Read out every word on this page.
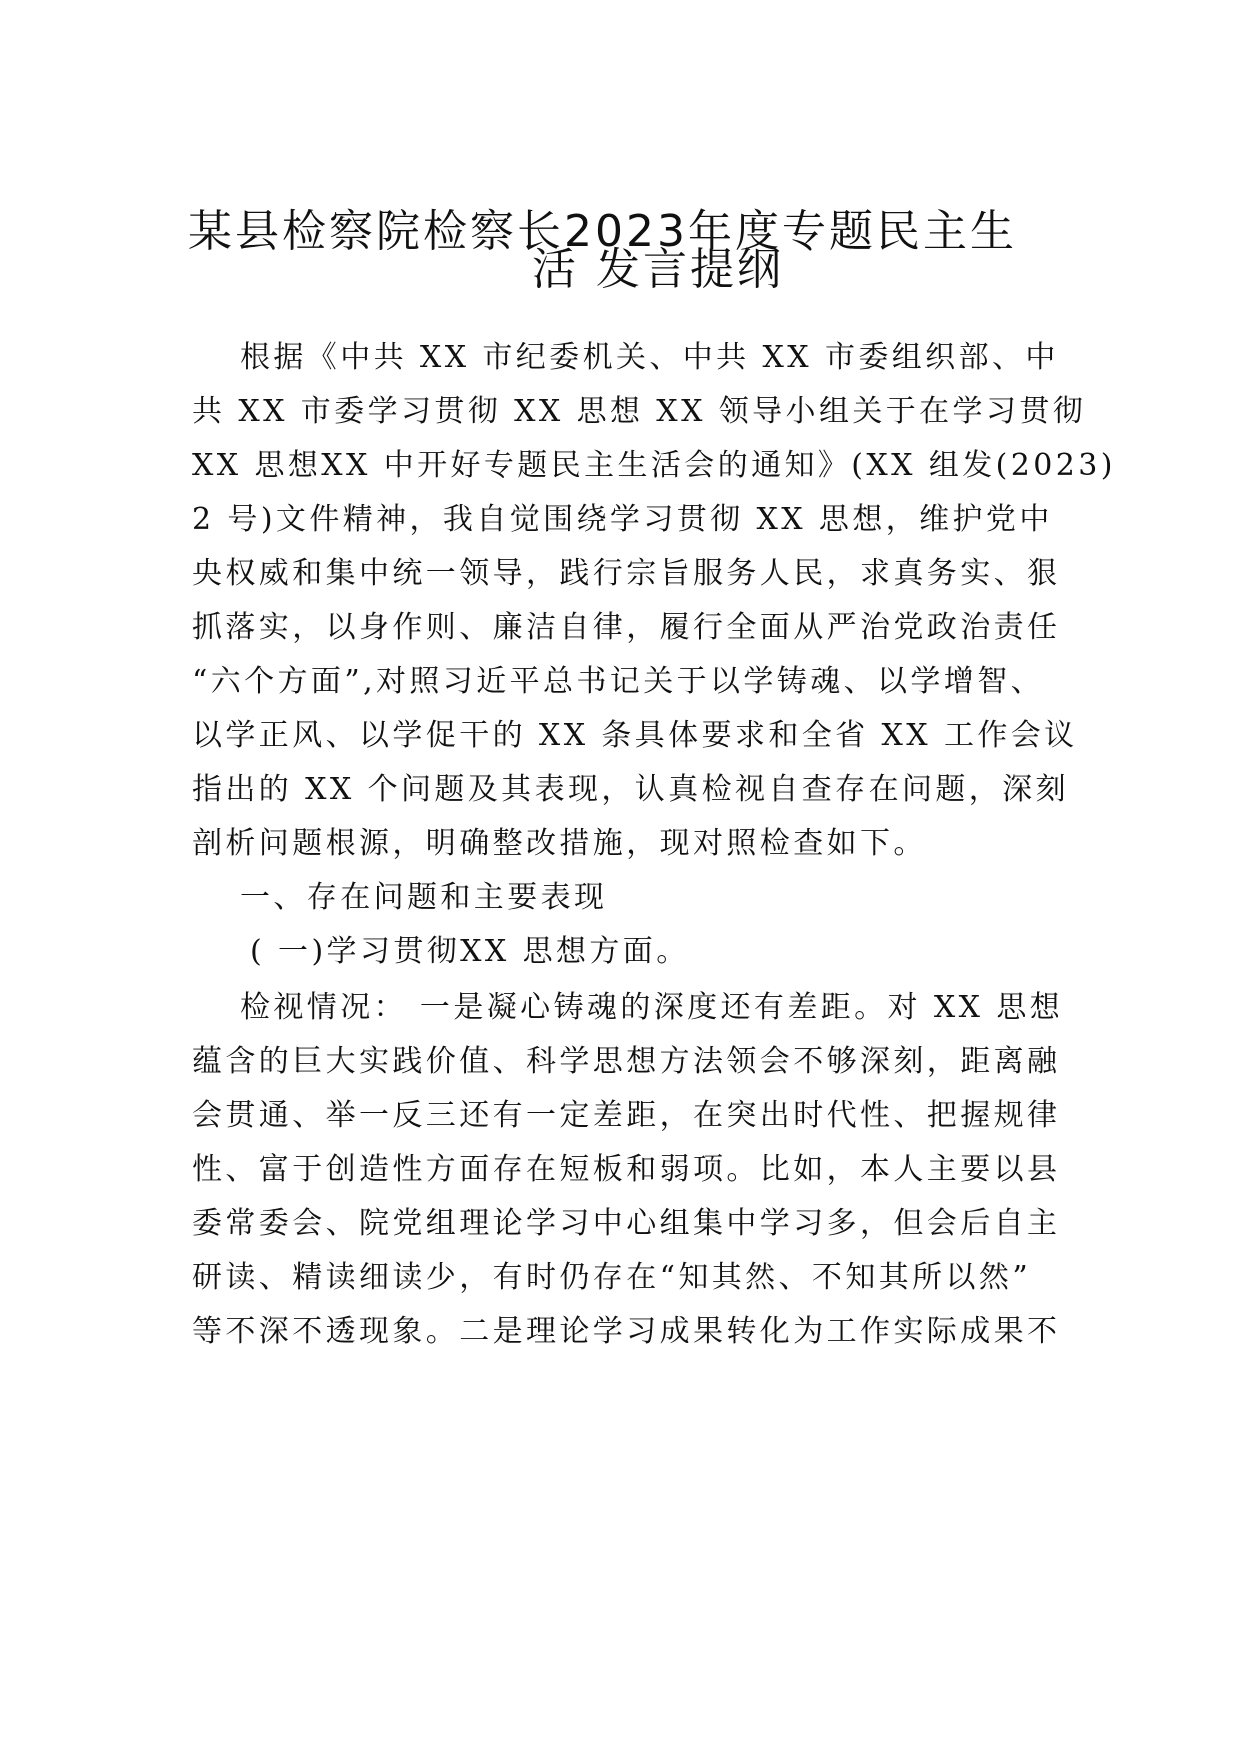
某县检察院检察长2023年度专题民主生
活 发言提纲
根据《中共 XX 市纪委机关、中共 XX 市委组织部、中
共 XX 市委学习贯彻 XX 思想 XX 领导小组关于在学习贯彻
XX 思想XX 中开好专题民主生活会的通知》(XX 组发(2023)
2 号)文件精神，我自觉围绕学习贯彻 XX 思想，维护党中
央权威和集中统一领导，践行宗旨服务人民，求真务实、狠
抓落实，以身作则、廉洁自律，履行全面从严治党政治责任
“六个方面”,对照习近平总书记关于以学铸魂、以学增智、
以学正风、以学促干的 XX 条具体要求和全省 XX 工作会议
指出的 XX 个问题及其表现，认真检视自查存在问题，深刻
剖析问题根源，明确整改措施，现对照检查如下。
一、存在问题和主要表现
( 一)学习贯彻XX 思想方面。
检视情况： 一是凝心铸魂的深度还有差距。对 XX 思想
蕴含的巨大实践价值、科学思想方法领会不够深刻，距离融
会贯通、举一反三还有一定差距，在突出时代性、把握规律
性、富于创造性方面存在短板和弱项。比如，本人主要以县
委常委会、院党组理论学习中心组集中学习多，但会后自主
研读、精读细读少，有时仍存在“知其然、不知其所以然”
等不深不透现象。二是理论学习成果转化为工作实际成果不
